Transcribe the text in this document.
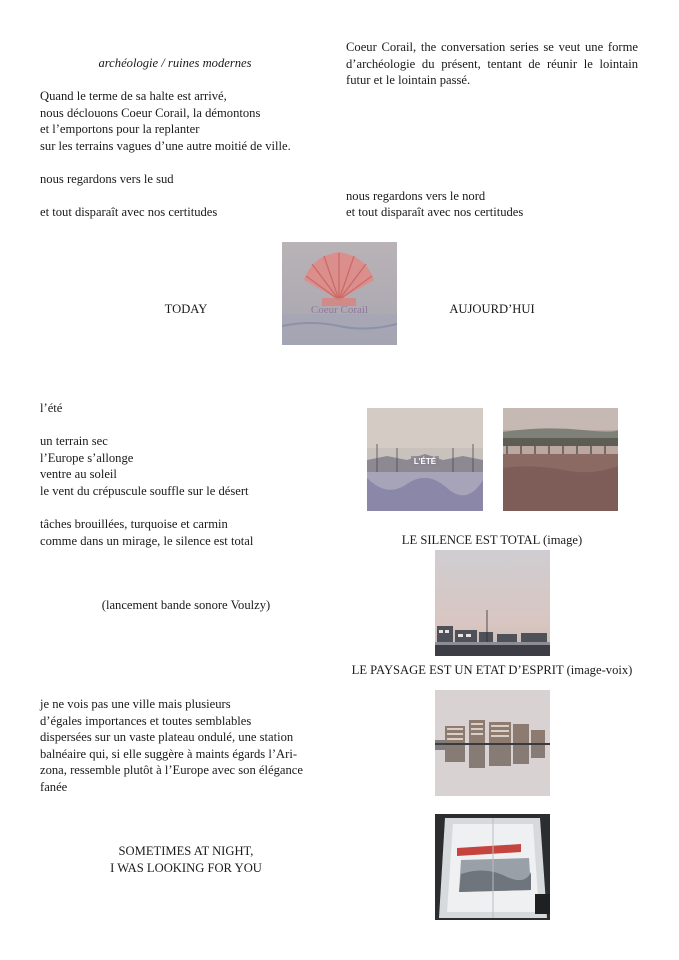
archéologie / ruines modernes
Quand le terme de sa halte est arrivé,
nous déclouons Coeur Corail, la démontons
et l’emportons pour la replanter
sur les terrains vagues d’une autre moitié de ville.
nous regardons vers le sud
et tout disparaît avec nos certitudes
TODAY
l’été
un terrain sec
l’Europe s’allonge
ventre au soleil
le vent du crépuscule souffle sur le désert
tâches brouillées, turquoise et carmin
comme dans un mirage, le silence est total
(lancement bande sonore Voulzy)
je ne vois pas une ville mais plusieurs
d’égales importances et toutes semblables
dispersées sur un vaste plateau ondulé, une station
balnéaire qui, si elle suggère à maints égards l’Ari-
zona, ressemble plutôt à l’Europe avec son élégance
fanée
SOMETIMES AT NIGHT,
I WAS LOOKING FOR YOU
Coeur Corail, the conversation series se veut une forme d’archéologie du présent, tentant de réunir le lointain futur et le lointain passé.
nous regardons vers le nord
et tout disparaît avec nos certitudes
AUJOURD’HUI
LE SILENCE EST TOTAL (image)
LE PAYSAGE EST UN ETAT D’ESPRIT (image-voix)
Coeur Corail
L’ÉTÉ
